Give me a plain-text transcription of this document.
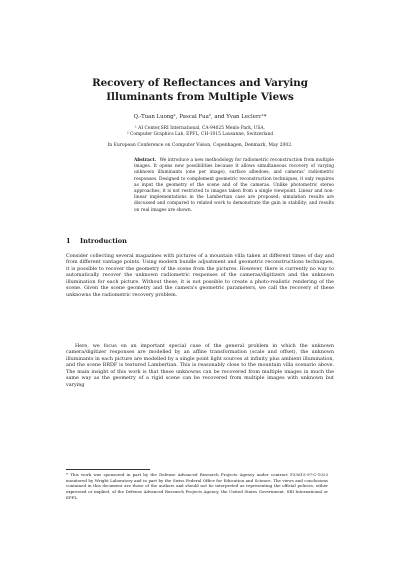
Recovery of Reflectances and Varying Illuminants from Multiple Views
Q.-Tuan Luong¹, Pascal Fua², and Yvan Leclerc¹*
¹ AI Center,SRI International, CA-94025 Menlo Park, USA,
² Computer Graphics Lab, EPFL, CH-1015 Lausanne, Switzerland
In European Conference on Computer Vision, Copenhagen, Denmark, May 2002.
Abstract. We introduce a new methodology for radiometric reconstruction from multiple images. It opens new possibilities because it allows simultaneous recovery of varying unknown illuminants (one per image), surface albedoes, and cameras' radiometric responses. Designed to complement geometric reconstruction techniques, it only requires as input the geometry of the scene and of the cameras. Unlike photometric stereo approaches, it is not restricted to images taken from a single viewpoint. Linear and non-linear implementations in the Lambertian case are proposed; simulation results are discussed and compared to related work to demonstrate the gain in stability; and results on real images are shown.
1 Introduction
Consider collecting several magazines with pictures of a mountain villa taken at different times of day and from different vantage points. Using modern bundle adjustment and geometric reconstructions techniques, it is possible to recover the geometry of the scene from the pictures. However, there is currently no way to automatically recover the unknown radiometric responses of the cameras/digitizers and the unknown illumination for each picture. Without these, it is not possible to create a photo-realistic rendering of the scene. Given the scene geometry and the camera's geometric parameters, we call the recovery of these unknowns the radiometric recovery problem.
Here, we focus on an important special case of the general problem in which the unknown camera/digitizer responses are modelled by an affine transformation (scale and offset), the unknown illuminants in each picture are modelled by a single point light sources at infinity plus ambient illumination, and the scene BRDF is textured Lambertian. This is reasonably close to the mountain villa scenario above. The main insight of this work is that these unknowns can be recovered from multiple images in much the same way as the geometry of a rigid scene can be recovered from multiple images with unknown but varying
* This work was sponsored in part by the Defense Advanced Research Projects Agency under contract F33615-97-C-1023 monitored by Wright Laboratory and in part by the Swiss Federal Office for Education and Science. The views and conclusions contained in this document are those of the authors and should not be interpreted as representing the official policies, either expressed or implied, of the Defense Advanced Research Projects Agency, the United States Government, SRI International or EPFL.
